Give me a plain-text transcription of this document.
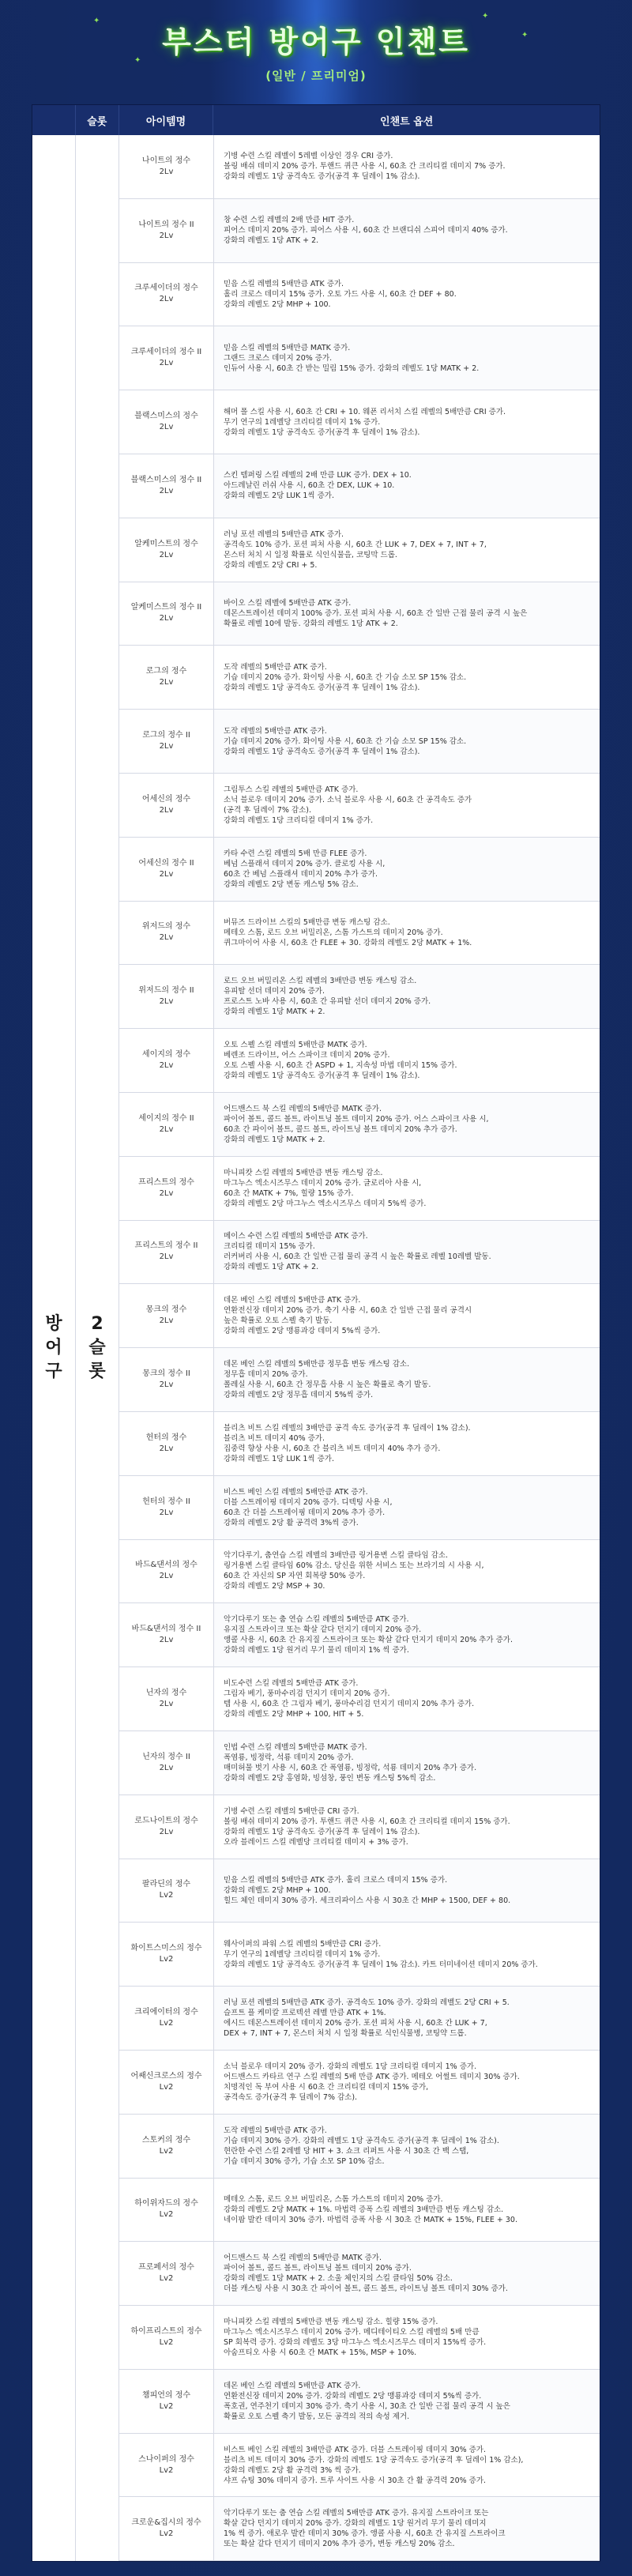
✦
✦
✦
✦
부스터 방어구 인챈트
(일반 / 프리미엄)
슬롯	아이템명	인챈트 옵션
방
어
구
2
슬
롯
나이트의 정수
2Lv
기병 수련 스킬 레벨이 5레벨 이상인 경우 CRI 증가.
볼링 배쉬 데미지 20% 증가. 투핸드 퀴큰 사용 시, 60초 간 크리티컬 데미지 7% 증가.
강화의 레벨도 1당 공격속도 증가(공격 후 딜레이 1% 감소).
나이트의 정수 II
2Lv
창 수련 스킬 레벨의 2배 만큼 HIT 증가.
피어스 데미지 20% 증가. 피어스 사용 시, 60초 간 브랜디쉬 스피어 데미지 40% 증가.
강화의 레벨도 1당 ATK + 2.
크루세이더의 정수
2Lv
믿음 스킬 레벨의 5배만큼 ATK 증가.
홀리 크로스 데미지 15% 증가. 오토 가드 사용 시, 60초 간 DEF + 80.
강화의 레벨도 2당 MHP + 100.
크루세이더의 정수 II
2Lv
믿음 스킬 레벨의 5배만큼 MATK 증가.
그랜드 크로스 데미지 20% 증가.
인듀어 사용 시, 60초 간 받는 밀림 15% 증가. 강화의 레벨도 1당 MATK + 2.
블랙스미스의 정수
2Lv
해머 폴 스킬 사용 시, 60초 간 CRI + 10. 웨폰 리서치 스킬 레벨의 5배만큼 CRI 증가.
무기 연구의 1레벨당 크리티컬 데미지 1% 증가.
강화의 레벨도 1당 공격속도 증가(공격 후 딜레이 1% 감소).
블랙스미스의 정수 II
2Lv
스킨 템퍼링 스킬 레벨의 2배 만큼 LUK 증가. DEX + 10.
아드레날린 러쉬 사용 시, 60초 간 DEX, LUK + 10.
강화의 레벨도 2당 LUK 1씩 증가.
알케미스트의 정수
2Lv
러닝 포션 레벨의 5배만큼 ATK 증가.
공격속도 10% 증가. 포션 피처 사용 시, 60초 간 LUK + 7, DEX + 7, INT + 7,
몬스터 처치 시 일정 확률로 식인식물을, 코팅막 드롭.
강화의 레벨도 2당 CRI + 5.
알케미스트의 정수 II
2Lv
바이오 스킬 레벨에 5배만큼 ATK 증가.
데몬스트레이션 데미지 100% 증가. 포션 피처 사용 시, 60초 간 일반 근접 물리 공격 시 높은
확률로 레벨 10에 발동. 강화의 레벨도 1당 ATK + 2.
로그의 정수
2Lv
도작 레벨의 5배만큼 ATK 증가.
기습 데미지 20% 증가. 화이팅 사용 시, 60초 간 기습 소모 SP 15% 감소.
강화의 레벨도 1당 공격속도 증가(공격 후 딜레이 1% 감소).
로그의 정수 II
2Lv
도작 레벨의 5배만큼 ATK 증가.
기습 데미지 20% 증가. 화이팅 사용 시, 60초 간 기습 소모 SP 15% 감소.
강화의 레벨도 1당 공격속도 증가(공격 후 딜레이 1% 감소).
어세신의 정수
2Lv
그림투스 스킬 레벨의 5배만큼 ATK 증가.
소닉 블로우 데미지 20% 증가. 소닉 블로우 사용 시, 60초 간 공격속도 증가
(공격 후 딜레이 7% 감소).
강화의 레벨도 1당 크리티컬 데미지 1% 증가.
어세신의 정수 II
2Lv
카타 수련 스킬 레벨의 5배 만큼 FLEE 증가.
베넘 스플래셔 데미지 20% 증가. 클로킹 사용 시,
60초 간 베넘 스플래셔 데미지 20% 추가 증가.
강화의 레벨도 2당 변동 캐스팅 5% 감소.
위저드의 정수
2Lv
버뮤즈 드라이브 스킬의 5배만큼 변동 캐스팅 감소.
메테오 스톰, 로드 오브 버밀리온, 스톰 가스트의 데미지 20% 증가.
퀴그마이어 사용 시, 60초 간 FLEE + 30. 강화의 레벨도 2당 MATK + 1%.
위저드의 정수 II
2Lv
로드 오브 버밀리온 스킬 레벨의 3배만큼 변동 캐스팅 감소.
유피탈 선더 데미지 20% 증가.
프로스트 노바 사용 시, 60초 간 유피탈 선더 데미지 20% 증가.
강화의 레벨도 1당 MATK + 2.
세이지의 정수
2Lv
오토 스펠 스킬 레벨의 5배만큼 MATK 증가.
베렌조 드라이브, 어스 스파이크 데미지 20% 증가.
오토 스펠 사용 시, 60초 간 ASPD + 1, 지속성 마법 데미지 15% 증가.
강화의 레벨도 1당 공격속도 증가(공격 후 딜레이 1% 감소).
세이지의 정수 II
2Lv
어드밴스드 북 스킬 레벨의 5배만큼 MATK 증가.
파이어 볼트, 콜드 볼트, 라이트닝 볼트 데미지 20% 증가. 어스 스파이크 사용 시,
60초 간 파이어 볼트, 콜드 볼트, 라이트닝 볼트 데미지 20% 추가 증가.
강화의 레벨도 1당 MATK + 2.
프리스트의 정수
2Lv
마니피캇 스킬 레벨의 5배만큼 변동 캐스팅 감소.
마그누스 엑소시즈무스 데미지 20% 증가. 글로리아 사용 시,
60초 간 MATK + 7%, 힐량 15% 증가.
강화의 레벨도 2당 마그누스 엑소시즈무스 데미지 5%씩 증가.
프리스트의 정수 II
2Lv
메이스 수련 스킬 레벨의 5배만큼 ATK 증가.
크리티컬 데미지 15% 증가.
러커버리 사용 시, 60초 간 일반 근접 물리 공격 시 높은 확률로 레벨 10레벨 발동.
강화의 레벨도 1당 ATK + 2.
몽크의 정수
2Lv
데몬 베인 스킬 레벨의 5배만큼 ATK 증가.
연환전신장 데미지 20% 증가. 축기 사용 시, 60초 간 일반 근접 물리 공격시
높은 확률로 오토 스펠 축기 발동.
강화의 레벨도 2당 맹룡과강 데미지 5%씩 증가.
몽크의 정수 II
2Lv
데몬 베인 스킬 레벨의 5배만큼 정무흡 변동 캐스팅 감소.
정무흡 데미지 20% 증가.
폴레실 사용 시, 60초 간 정무흡 사용 시 높은 확률로 축기 발동.
강화의 레벨도 2당 정무흡 데미지 5%씩 증가.
헌터의 정수
2Lv
블리츠 비트 스킬 레벨의 3배만큼 공격 속도 증가(공격 후 딜레이 1% 감소).
블리츠 비트 데미지 40% 증가.
집중력 향상 사용 시, 60초 간 블리츠 비트 데미지 40% 추가 증가.
강화의 레벨도 1당 LUK 1씩 증가.
헌터의 정수 II
2Lv
비스트 베인 스킬 레벨의 5배만큼 ATK 증가.
더블 스트레이핑 데미지 20% 증가. 디텍팅 사용 시,
60초 간 더블 스트레이핑 데미지 20% 추가 증가.
강화의 레벨도 2당 활 공격력 3%씩 증가.
바드&댄서의 정수
2Lv
악기다루기, 춤연습 스킬 레벨의 3배만큼 링거용변 스킬 클타임 감소.
링거용변 스킬 클타임 60% 감소. 당신을 위한 서비스 또는 브라기의 시 사용 시,
60초 간 자신의 SP 자연 회복량 50% 증가.
강화의 레벨도 2당 MSP + 30.
바드&댄서의 정수 II
2Lv
악기다루기 또는 춤 연습 스킬 레벨의 5배만큼 ATK 증가.
유지질 스트라이크 또는 확살 같다 던지기 데미지 20% 증가.
앵콜 사용 시, 60초 간 유지질 스트라이크 또는 확살 같다 던지기 데미지 20% 추가 증가.
강화의 레벨도 1당 원거리 무기 물리 데미지 1% 씩 증가.
닌자의 정수
2Lv
비도수련 스킬 레벨의 5배만큼 ATK 증가.
그림자 베기, 풍마수리검 던지기 데미지 20% 증가.
템 사용 시, 60초 간 그림자 베기, 풍마수리검 던지기 데미지 20% 추가 증가.
강화의 레벨도 2당 MHP + 100, HIT + 5.
닌자의 정수 II
2Lv
인법 수련 스킬 레벨의 5배만큼 MATK 증가.
폭염룡, 빙정락, 석룡 데미지 20% 증가.
매미허물 벗기 사용 시, 60초 간 폭염룡, 빙정락, 석룡 데미지 20% 추가 증가.
강화의 레벨도 2당 홍염화, 빙섬창, 풍인 변동 캐스팅 5%씩 감소.
로드나이트의 정수
2Lv
기병 수련 스킬 레벨의 5배만큼 CRI 증가.
볼링 배쉬 데미지 20% 증가. 투핸드 퀴큰 사용 시, 60초 간 크리티컬 데미지 15% 증가.
강화의 레벨도 1당 공격속도 증가(공격 후 딜레이 1% 감소).
오라 블레이드 스킬 레벨당 크리티컬 데미지 + 3% 증가.
팔라딘의 정수
Lv2
믿음 스킬 레벨의 5배만큼 ATK 증가. 홀리 크로스 데미지 15% 증가.
강화의 레벨도 2당 MHP + 100.
힐드 체인 데미지 30% 증가. 세크리파이스 사용 시 30초 간 MHP + 1500, DEF + 80.
화이트스미스의 정수
Lv2
웨사이퍼의 파워 스킬 레벨의 5배만큼 CRI 증가.
무기 연구의 1레벨당 크리티컬 데미지 1% 증가.
강화의 레벨도 1당 공격속도 증가(공격 후 딜레이 1% 감소). 카트 터미네이션 데미지 20% 증가.
크리에이터의 정수
Lv2
러닝 포션 레벨의 5배만큼 ATK 증가. 공격속도 10% 증가. 강화의 레벨도 2당 CRI + 5.
슬프트 플 케미칼 프로텍션 레벨 만큼 ATK + 1%.
에시드 데몬스트레이션 데미지 20% 증가. 포션 피처 사용 시, 60초 간 LUK + 7,
DEX + 7, INT + 7, 몬스터 처치 시 일정 확률로 식인식물병, 코팅약 드롭.
어쌔신크로스의 정수
Lv2
소닉 블로우 데미지 20% 증가. 강화의 레벨도 1당 크리티컬 데미지 1% 증가.
어드밴스드 카타르 연구 스킬 레벨의 5배 만큼 ATK 증가. 메테오 어썰트 데미지 30% 증가.
치명적인 독 부여 사용 시 60초 간 크리티컬 데미지 15% 증가,
공격속도 증가(공격 후 딜레이 7% 감소).
스토커의 정수
Lv2
도작 레벨의 5배만큼 ATK 증가.
기습 데미지 30% 증가. 강화의 레벨도 1당 공격속도 증가(공격 후 딜레이 1% 감소).
현란한 수련 스킬 2레벨 당 HIT + 3. 쇼크 리퍼트 사용 시 30초 간 백 스탭,
기습 데미지 30% 증가, 기습 소모 SP 10% 감소.
하이위자드의 정수
Lv2
메테오 스톰, 로드 오브 버밀리온, 스톰 가스트의 데미지 20% 증가.
강화의 레벨도 2당 MATK + 1%. 마법력 증폭 스킬 레벨의 3배만큼 변동 캐스팅 감소.
네이팜 발칸 데미지 30% 증가. 마법력 증폭 사용 시 30초 간 MATK + 15%, FLEE + 30.
프로페서의 정수
Lv2
어드밴스드 북 스킬 레벨의 5배만큼 MATK 증가.
파이어 볼트, 콜드 볼트, 라이트닝 볼트 데미지 20% 증가.
강화의 레벨도 1당 MATK + 2. 소울 체인지의 스킬 클타임 50% 감소.
더블 캐스팅 사용 시 30초 간 파이어 볼트, 콜드 볼트, 라이트닝 볼트 데미지 30% 증가.
하이프리스트의 정수
Lv2
마니피캇 스킬 레벨의 5배만큼 변동 캐스팅 감소. 힐량 15% 증가.
마그누스 엑소시즈무스 데미지 20% 증가. 메디테이티오 스킬 레벨의 5배 만큼
SP 회복력 증가. 강화의 레벨도 3당 마그누스 엑소시즈무스 데미지 15%씩 증가.
아숨프티오 사용 시 60초 간 MATK + 15%, MSP + 10%.
챔피언의 정수
Lv2
데몬 베인 스킬 레벨의 5배만큼 ATK 증가.
연환전신장 데미지 20% 증가. 강화의 레벨도 2당 맹룡과강 데미지 5%씩 증가.
폭호권, 연주천기 데미지 30% 증가. 축기 사용 시, 30초 간 일반 근접 물리 공격 시 높은
확률로 오토 스펠 축기 발동, 모든 공격의 적의 속성 제거.
스나이퍼의 정수
Lv2
비스트 베인 스킬 레벨의 3배만큼 ATK 증가. 더블 스트레이핑 데미지 30% 증가.
블리츠 비트 데미지 30% 증가. 강화의 레벨도 1당 공격속도 증가(공격 후 딜레이 1% 감소),
강화의 레벨도 2당 활 공격력 3% 씩 증가.
샤프 슈팅 30% 데미지 증가. 트루 사이트 사용 시 30초 간 활 공격력 20% 증가.
크로운&집시의 정수
Lv2
악기다루기 또는 춤 연습 스킬 레벨의 5배만큼 ATK 증가. 유지질 스트라이크 또는
확살 같다 던지기 데미지 20% 증가. 강화의 레벨도 1당 원거리 무기 물리 데미지
1% 씩 증가. 애로우 발칸 데미지 30% 증가. 앵콜 사용 시, 60초 간 유지질 스트라이크
또는 확살 같다 던지기 데미지 20% 추가 증가, 변동 캐스팅 20% 감소.
